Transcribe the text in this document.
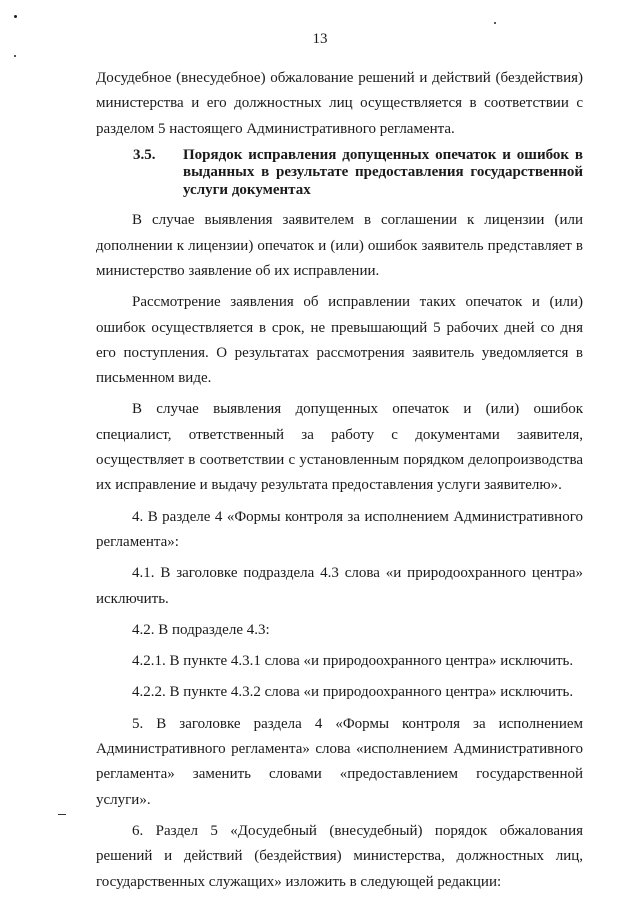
13

Досудебное (внесудебное) обжалование решений и действий (бездействия) министерства и его должностных лиц осуществляется в соответствии с разделом 5 настоящего Административного регламента.

3.5.	Порядок исправления допущенных опечаток и ошибок в выданных в результате предоставления государственной услуги документах

В случае выявления заявителем в соглашении к лицензии (или дополнении к лицензии) опечаток и (или) ошибок заявитель представляет в министерство заявление об их исправлении.

Рассмотрение заявления об исправлении таких опечаток и (или) ошибок осуществляется в срок, не превышающий 5 рабочих дней со дня его поступления. О результатах рассмотрения заявитель уведомляется в письменном виде.

В случае выявления допущенных опечаток и (или) ошибок специалист, ответственный за работу с документами заявителя, осуществляет в соответствии с установленным порядком делопроизводства их исправление и выдачу результата предоставления услуги заявителю».

4. В разделе 4 «Формы контроля за исполнением Административного регламента»:

4.1. В заголовке подраздела 4.3 слова «и природоохранного центра» исключить.

4.2. В подразделе 4.3:

4.2.1. В пункте 4.3.1 слова «и природоохранного центра» исключить.

4.2.2. В пункте 4.3.2 слова «и природоохранного центра» исключить.

5. В заголовке раздела 4 «Формы контроля за исполнением Административного регламента» слова «исполнением Административного регламента» заменить словами «предоставлением государственной услуги».

6. Раздел 5 «Досудебный (внесудебный) порядок обжалования решений и действий (бездействия) министерства, должностных лиц, государственных служащих» изложить в следующей редакции:
